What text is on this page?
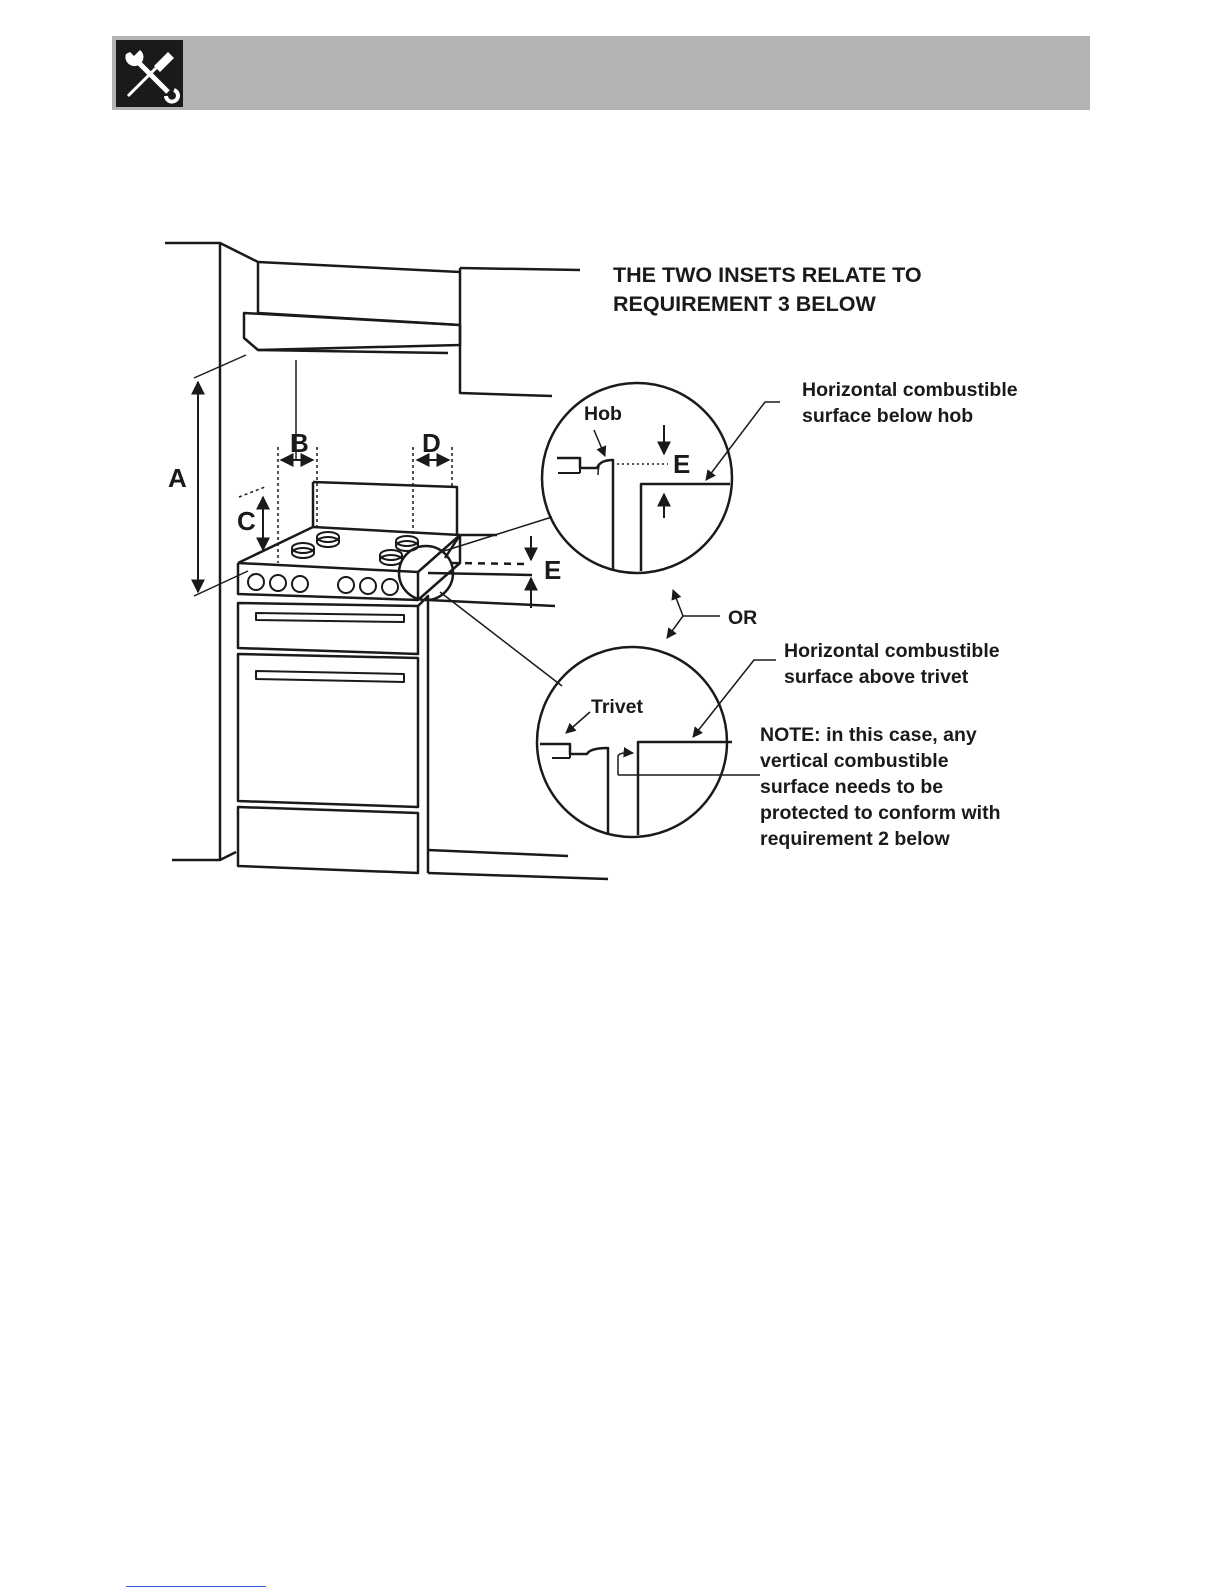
THE TWO INSETS RELATE TO
REQUIREMENT 3 BELOW
A
B
C
D
E
E
Hob
Horizontal combustible
surface below hob
OR
Trivet
Horizontal combustible
surface above trivet
NOTE: in this case, any
vertical combustible
surface needs to be
protected to conform with
requirement 2 below
